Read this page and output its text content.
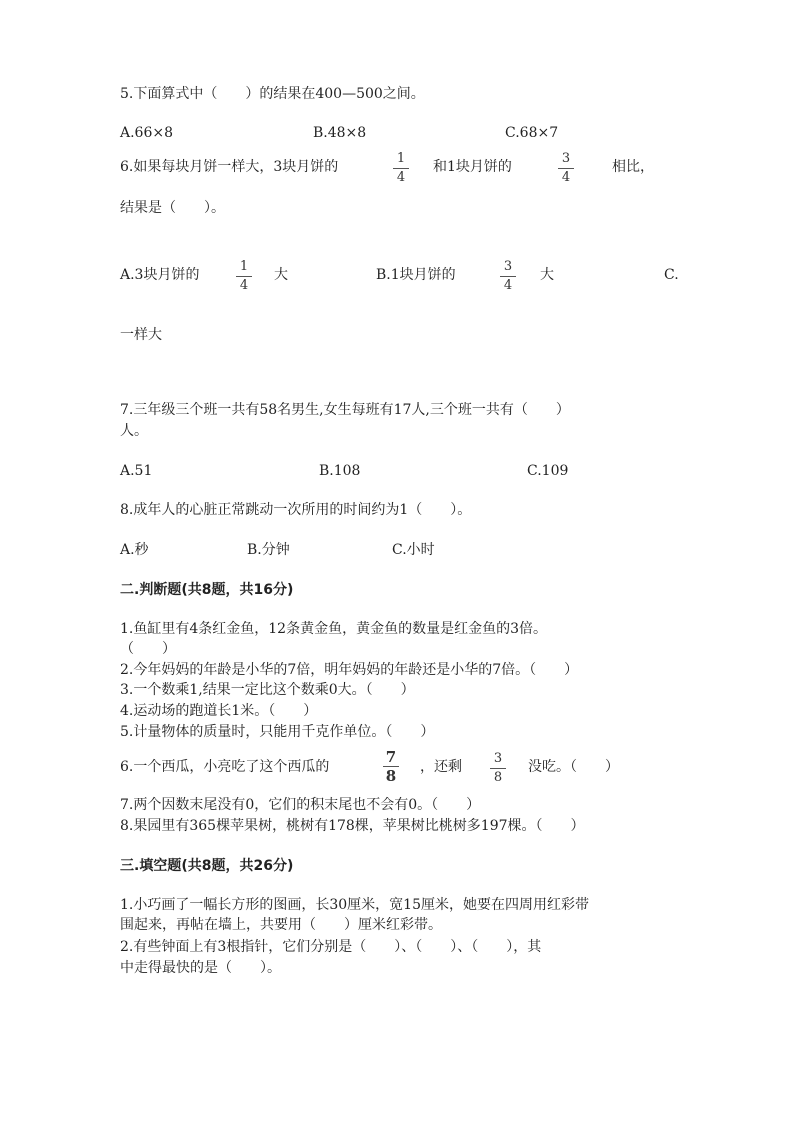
5.下面算式中（　　）的结果在400—500之间。
A.66×8	B.48×8	C.68×7
6.如果每块月饼一样大，3块月饼的
1
4
和1块月饼的
3
4
相比，
结果是（　　）。
A.3块月饼的
1
4
大	B.1块月饼的
3
4
大	C.
一样大
7.三年级三个班一共有58名男生,女生每班有17人,三个班一共有（　　）
人。
A.51	B.108	C.109
8.成年人的心脏正常跳动一次所用的时间约为1（　　）。
A.秒	B.分钟	C.小时
二.判断题(共8题，共16分)
1.鱼缸里有4条红金鱼，12条黄金鱼，黄金鱼的数量是红金鱼的3倍。
（　　）
2.今年妈妈的年龄是小华的7倍，明年妈妈的年龄还是小华的7倍。（　　）
3.一个数乘1,结果一定比这个数乘0大。（　　）
4.运动场的跑道长1米。（　　）
5.计量物体的质量时，只能用千克作单位。（　　）
6.一个西瓜，小亮吃了这个西瓜的
7
8 ，还剩
3
8
没吃。（　　）
7.两个因数末尾没有0，它们的积末尾也不会有0。（　　）
8.果园里有365棵苹果树，桃树有178棵，苹果树比桃树多197棵。（　　）
三.填空题(共8题，共26分)
1.小巧画了一幅长方形的图画，长30厘米，宽15厘米，她要在四周用红彩带
围起来，再帖在墙上，共要用（　　）厘米红彩带。
2.有些钟面上有3根指针，它们分别是（　　）、（　　）、（　　），其
中走得最快的是（　　）。
